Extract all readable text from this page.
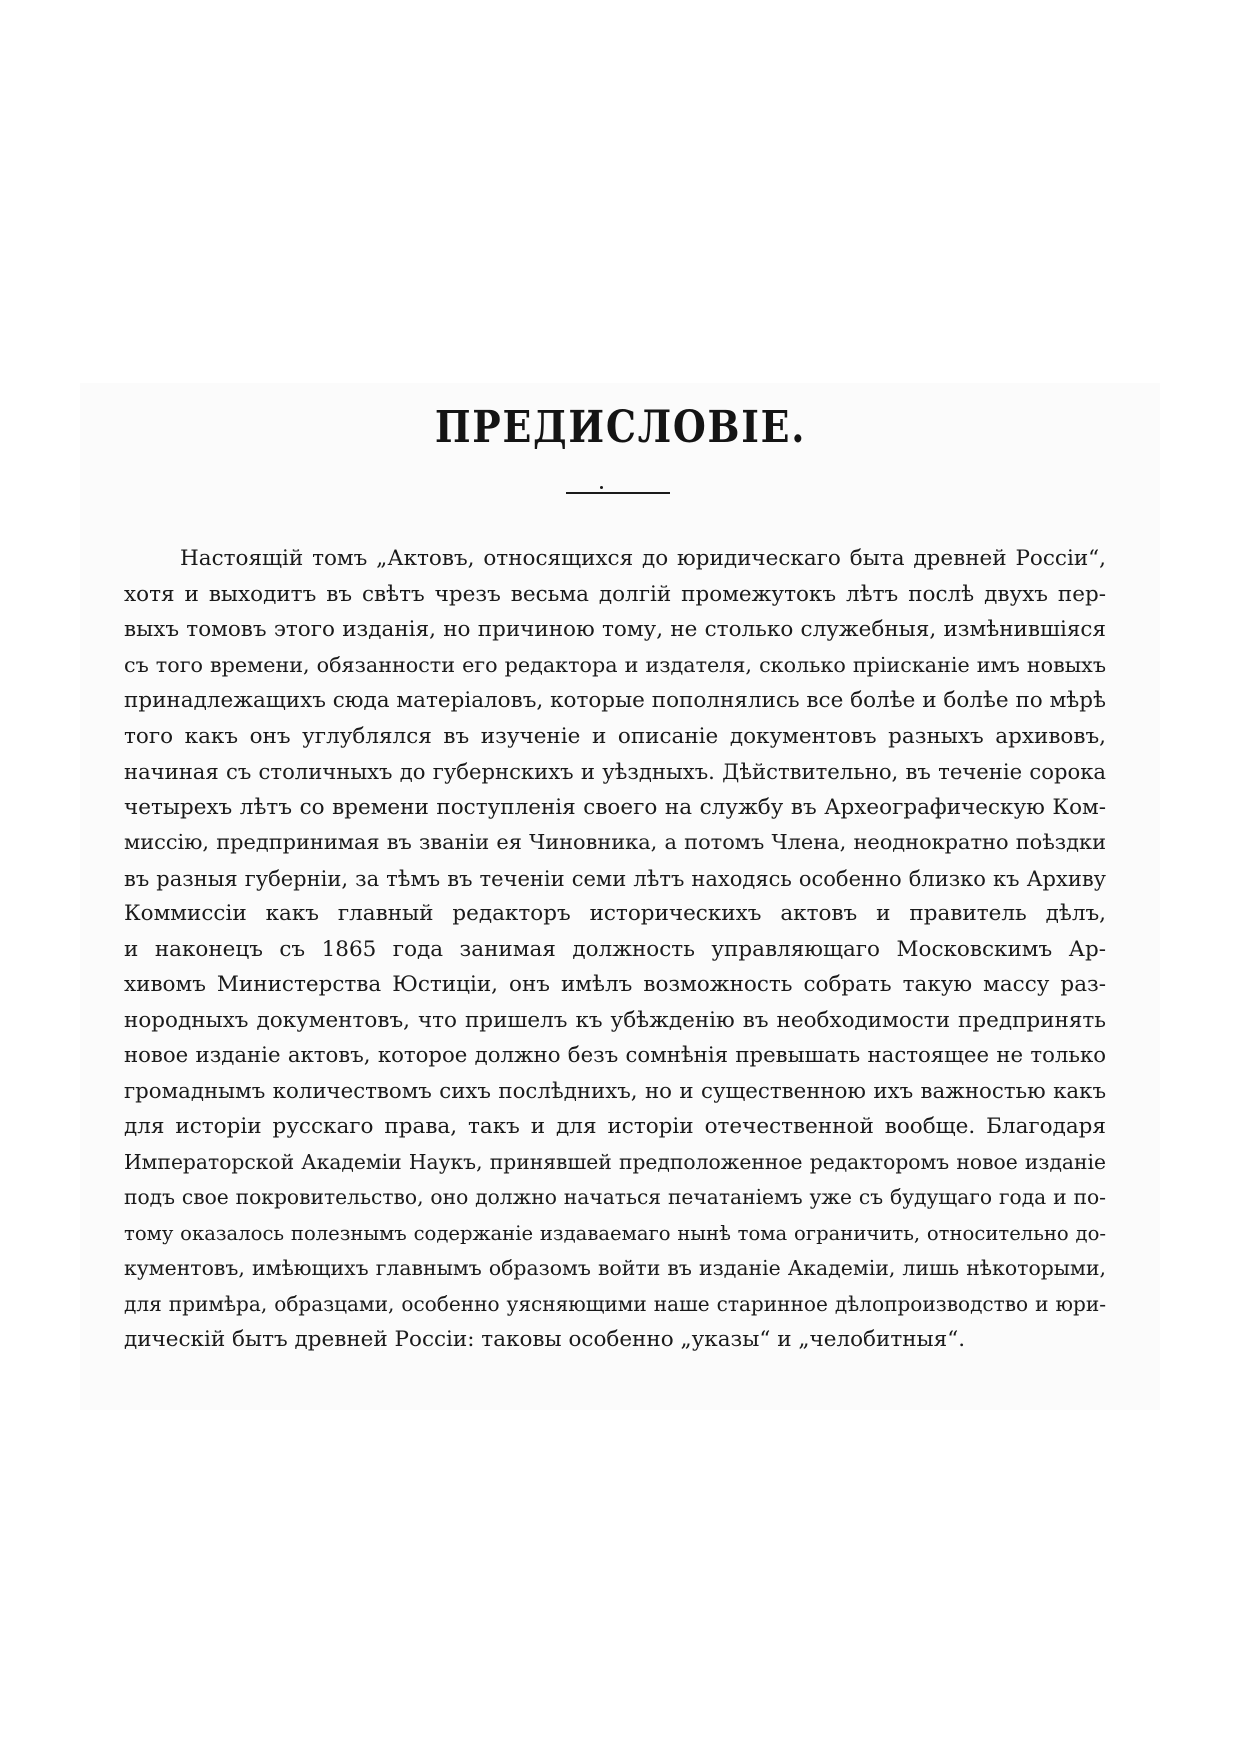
ПРЕДИСЛОВІЕ.
Настоящій томъ „Актовъ, относящихся до юридическаго быта древней Россіи“,
хотя и выходитъ въ свѣтъ чрезъ весьма долгій промежутокъ лѣтъ послѣ двухъ пер-
выхъ томовъ этого изданія, но причиною тому, не столько служебныя, измѣнившіяся
съ того времени, обязанности его редактора и издателя, сколько пріисканіе имъ новыхъ
принадлежащихъ сюда матеріаловъ, которые пополнялись все болѣе и болѣе по мѣрѣ
того какъ онъ углублялся въ изученіе и описаніе документовъ разныхъ архивовъ,
начиная съ столичныхъ до губернскихъ и уѣздныхъ. Дѣйствительно, въ теченіе сорока
четырехъ лѣтъ со времени поступленія своего на службу въ Археографическую Ком-
миссію, предпринимая въ званіи ея Чиновника, а потомъ Члена, неоднократно поѣздки
въ разныя губерніи, за тѣмъ въ теченіи семи лѣтъ находясь особенно близко къ Архиву
Коммиссіи какъ главный редакторъ историческихъ актовъ и правитель дѣлъ,
и наконецъ съ 1865 года занимая должность управляющаго Московскимъ Ар-
хивомъ Министерства Юстиціи, онъ имѣлъ возможность собрать такую массу раз-
нородныхъ документовъ, что пришелъ къ убѣжденію въ необходимости предпринять
новое изданіе актовъ, которое должно безъ сомнѣнія превышать настоящее не только
громаднымъ количествомъ сихъ послѣднихъ, но и существенною ихъ важностью какъ
для исторіи русскаго права, такъ и для исторіи отечественной вообще. Благодаря
Императорской Академіи Наукъ, принявшей предположенное редакторомъ новое изданіе
подъ свое покровительство, оно должно начаться печатаніемъ уже съ будущаго года и по-
тому оказалось полезнымъ содержаніе издаваемаго нынѣ тома ограничить, относительно до-
кументовъ, имѣющихъ главнымъ образомъ войти въ изданіе Академіи, лишь нѣкоторыми,
для примѣра, образцами, особенно уясняющими наше старинное дѣлопроизводство и юри-
дическій бытъ древней Россіи: таковы особенно „указы“ и „челобитныя“.
